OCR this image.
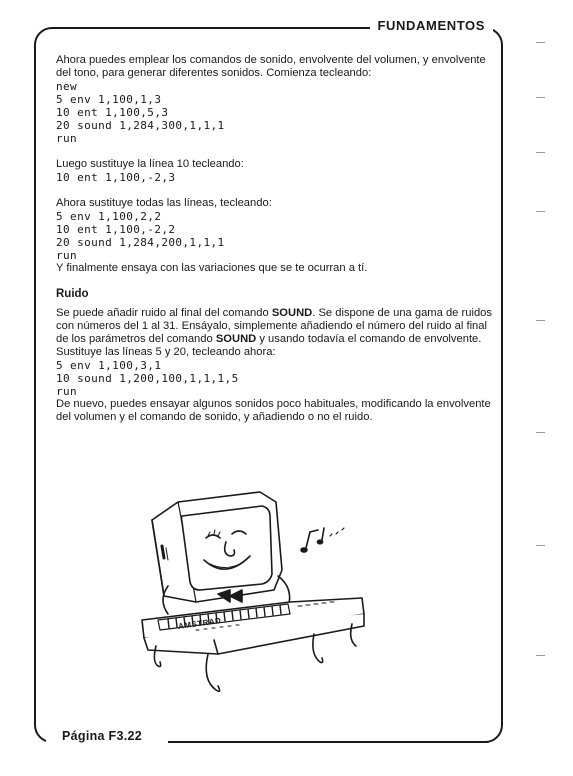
FUNDAMENTOS
Página F3.22

Ahora puedes emplear los comandos de sonido, envolvente del volumen, y envolvente del tono, para generar diferentes sonidos. Comienza tecleando:

new

5 env 1,100,1,3

10 ent 1,100,5,3

20 sound 1,284,300,1,1,1

run

Luego sustituye la línea 10 tecleando:

10 ent 1,100,-2,3

Ahora sustituye todas las líneas, tecleando:

5 env 1,100,2,2

10 ent 1,100,-2,2

20 sound 1,284,200,1,1,1

run

Y finalmente ensaya con las variaciones que se te ocurran a tí.

Ruido

Se puede añadir ruido al final del comando SOUND. Se dispone de una gama de ruidos con números del 1 al 31. Ensáyalo, simplemente añadiendo el número del ruido al final de los parámetros del comando SOUND y usando todavía el comando de envolvente. Sustituye las líneas 5 y 20, tecleando ahora:

5 env 1,100,3,1

10 sound 1,200,100,1,1,1,5

run

De nuevo, puedes ensayar algunos sonidos poco habituales, modificando la envolvente del volumen y el comando de sonido, y añadiendo o no el ruido.

AMSTRAD
